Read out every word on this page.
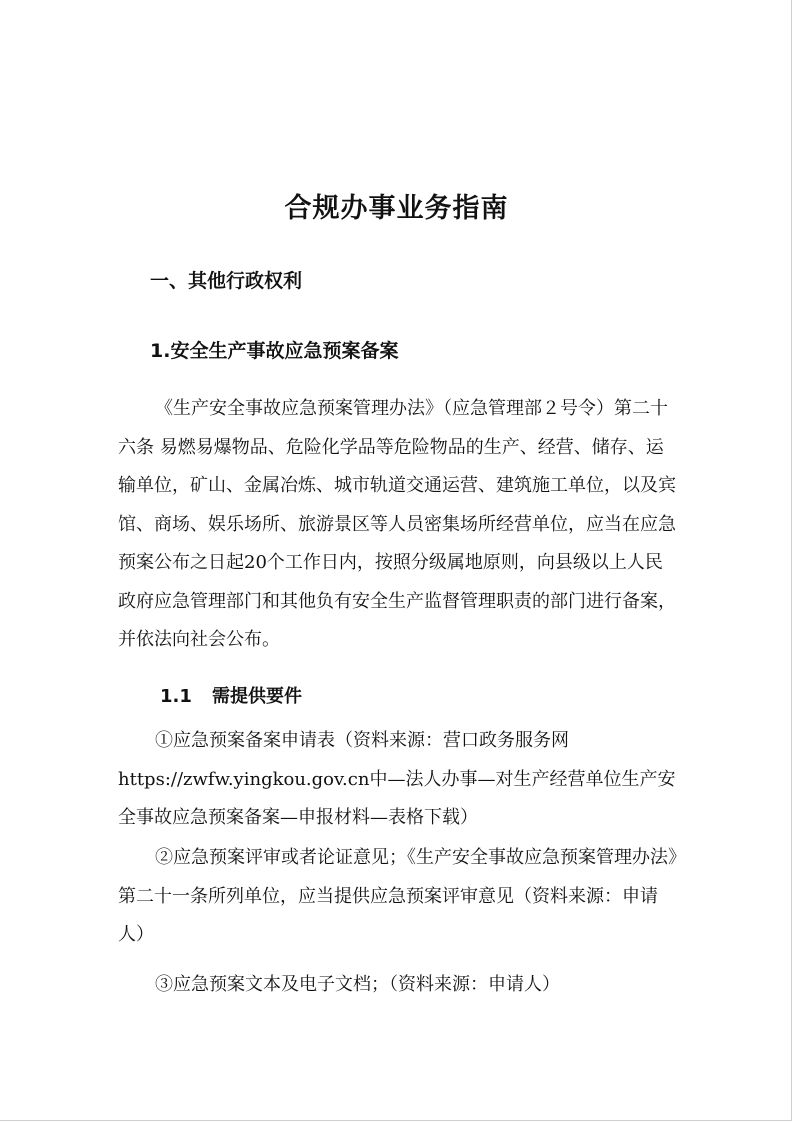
合规办事业务指南
一、其他行政权利
1.安全生产事故应急预案备案

《生产安全事故应急预案管理办法》（应急管理部２号令）第二十六条 易燃易爆物品、危险化学品等危险物品的生产、经营、储存、运输单位，矿山、金属冶炼、城市轨道交通运营、建筑施工单位，以及宾馆、商场、娱乐场所、旅游景区等人员密集场所经营单位，应当在应急预案公布之日起20个工作日内，按照分级属地原则，向县级以上人民政府应急管理部门和其他负有安全生产监督管理职责的部门进行备案，并依法向社会公布。

1.1 需提供要件

①应急预案备案申请表（资料来源：营口政务服务网https://zwfw.yingkou.gov.cn中—法人办事—对生产经营单位生产安全事故应急预案备案—申报材料—表格下载）

②应急预案评审或者论证意见；《生产安全事故应急预案管理办法》第二十一条所列单位，应当提供应急预案评审意见（资料来源：申请人）

③应急预案文本及电子文档；（资料来源：申请人）
